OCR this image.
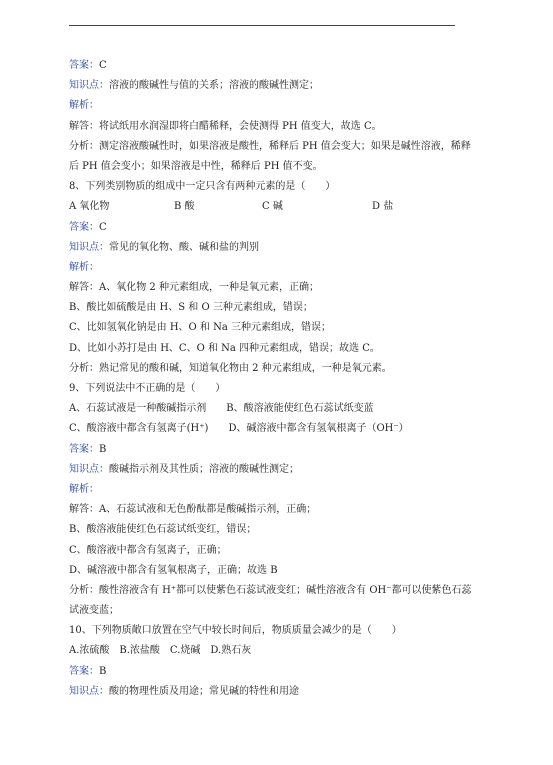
答案：C
知识点：溶液的酸碱性与值的关系；溶液的酸碱性测定；
解析：
解答：将试纸用水润湿即将白醋稀释，会使测得 PH 值变大，故选 C。
分析：测定溶液酸碱性时，如果溶液是酸性，稀释后 PH 值会变大；如果是碱性溶液，稀释
后 PH 值会变小；如果溶液是中性，稀释后 PH 值不变。
8、下列类别物质的组成中一定只含有两种元素的是（　　）
A 氧化物	B 酸	C 碱	D 盐
答案：C
知识点：常见的氧化物、酸、碱和盐的判别
解析：
解答：A、氧化物 2 种元素组成，一种是氧元素，正确；
B、酸比如硫酸是由 H、S 和 O 三种元素组成，错误；
C、比如氢氧化钠是由 H、O 和 Na 三种元素组成，错误；
D、比如小苏打是由 H、C、O 和 Na 四种元素组成，错误；故选 C。
分析：熟记常见的酸和碱，知道氧化物由 2 种元素组成，一种是氧元素。
9、下列说法中不正确的是（　　）
A、石蕊试液是一种酸碱指示剂　　B、酸溶液能使红色石蕊试纸变蓝
C、酸溶液中都含有氢离子(H⁺)　　D、碱溶液中都含有氢氧根离子（OH⁻）
答案：B
知识点：酸碱指示剂及其性质；溶液的酸碱性测定；
解析：
解答：A、石蕊试液和无色酚酞都是酸碱指示剂，正确；
B、酸溶液能使红色石蕊试纸变红，错误；
C、酸溶液中都含有氢离子，正确；
D、碱溶液中都含有氢氧根离子，正确；故选 B
分析：酸性溶液含有 H⁺都可以使紫色石蕊试液变红；碱性溶液含有 OH⁻都可以使紫色石蕊
试液变蓝；
10、下列物质敞口放置在空气中较长时间后，物质质量会减少的是（　　）
A.浓硫酸　B.浓盐酸　C.烧碱　D.熟石灰
答案：B
知识点：酸的物理性质及用途；常见碱的特性和用途
